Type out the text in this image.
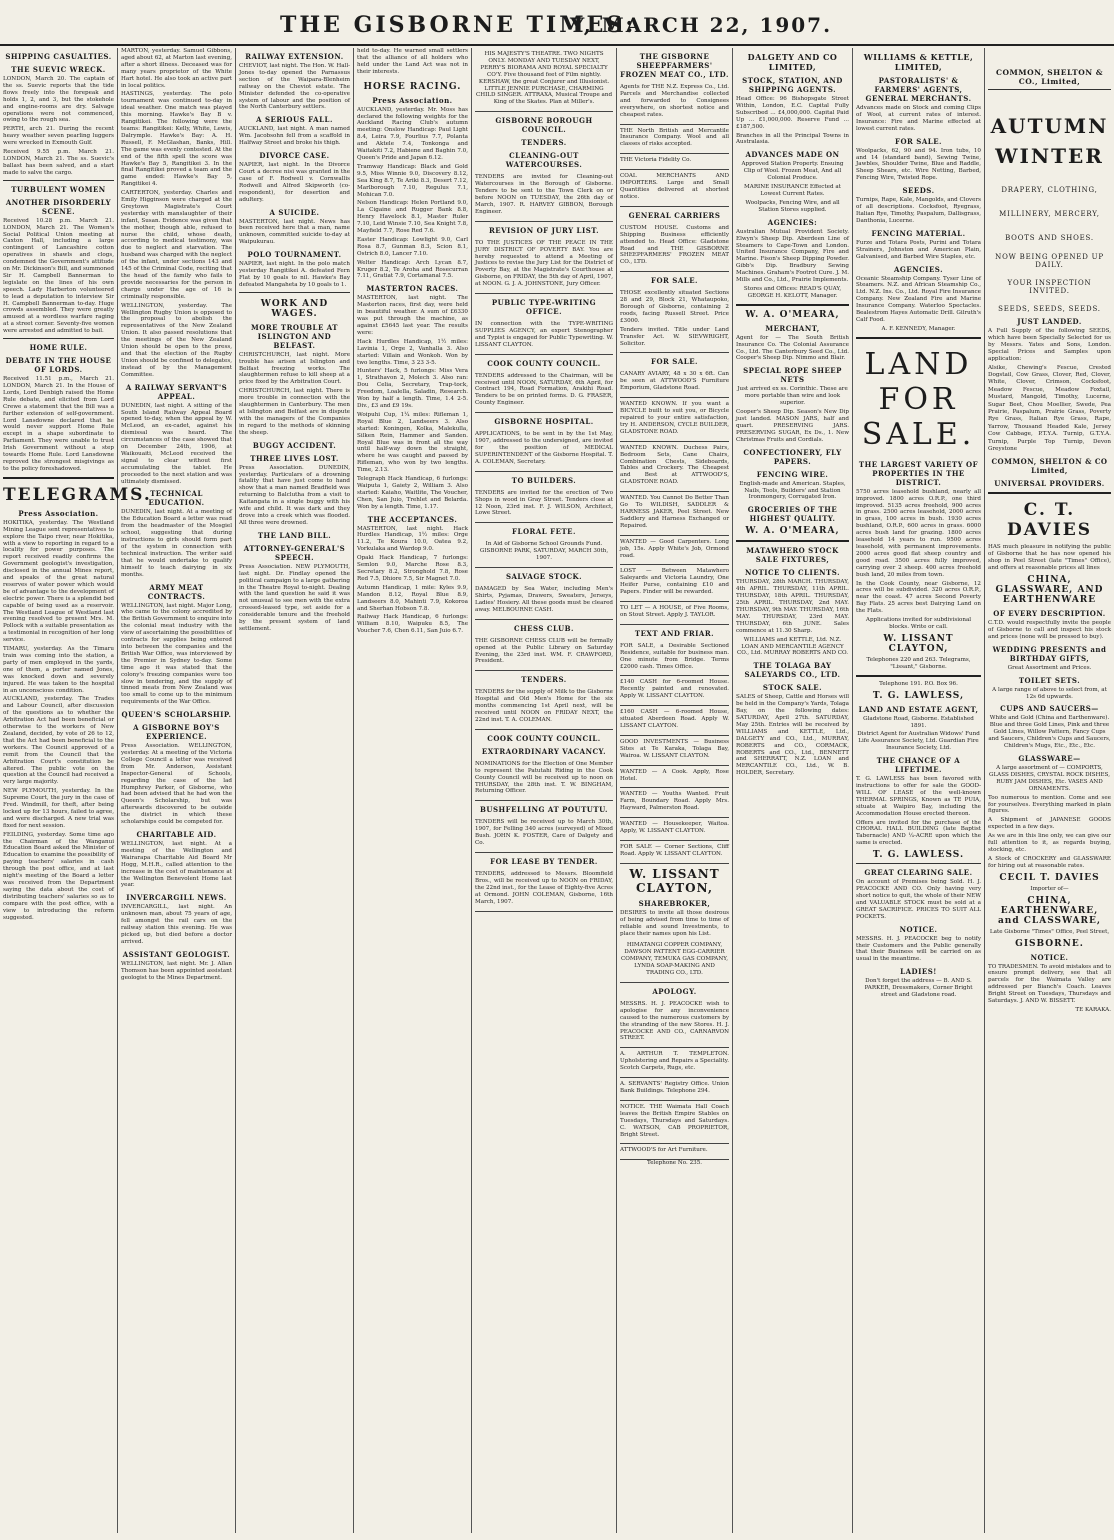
THE GISBORNE TIMES:
Y, MARCH 22, 1907.
SHIPPING CASUALTIES.
THE SUEVIC WRECK.

LONDON, March 20. The captain of the ss. Suevic reports that the tide flows freely into the forepeak and holds 1, 2, and 3, but the stokehole and engine-rooms are dry. Salvage operations were not commenced, owing to the rough sea.

PERTH, arch 21. During the recent heavy weather seven pearling luggers were wrecked in Exmouth Gulf.

Received 9.55 p.m. March 21. LONDON, March 21. The ss. Suevic's ballast has been salved, and a start made to salve the cargo.

TURBULENT WOMEN
ANOTHER DISORDERLY SCENE.

Received 10.28 p.m. March 21. LONDON, March 21. The Women's Social Political Union meeting at Caxton Hall, including a large contingent of Lancashire cotton operatives in shawls and clogs, condemned the Government's attitude on Mr. Dickinson's Bill, and summoned Sir H. Campbell Bannerman to legislate on the lines of his own speech. Lady Harberton volunteered to lead a deputation to interview Sir H. Campbell Bannerman to-day. Huge crowds assembled. They were greatly amused at a wordless warfare raging at a street corner. Seventy-five women were arrested and admitted to bail.

HOME RULE.
DEBATE IN THE HOUSE OF LORDS.

Received 11.51 p.m., March 21. LONDON, March 21. In the House of Lords, Lord Denbigh raised the Home Rule debate, and elicited from Lord Crewe a statement that the Bill was a further extension of self-government. Lord Lansdowne declared that he would never support Home Rule except in a shape subordinate to Parliament. They were unable to trust Irish Government without a step towards Home Rule. Lord Lansdowne reproved the strongest misgivings as to the policy foreshadowed.

TELEGRAMS.
Press Association.

HOKITIKA, yesterday. The Westland Mining League sent representatives to explore the Taipo river, near Hokitika, with a view to reporting in regard to a locality for power purposes. The report received readily confirms the Government geologist's investigation, disclosed in the annual Mines report, and speaks of the great natural reserves of water power which would be of advantage to the development of electric power. There is a splendid bed capable of being used as a reservoir. The Westland League of Westland last evening resolved to present Mrs. M. Pollock with a suitable presentation as a testimonial in recognition of her long service.

TIMARU, yesterday. As the Timaru train was coming into the station, a party of men employed in the yards, one of them, a porter named Jones, was knocked down and severely injured. He was taken to the hospital in an unconscious condition.

AUCKLAND, yesterday. The Trades and Labour Council, after discussion of the questions as to whether the Arbitration Act had been beneficial or otherwise to the workers of New Zealand, decided, by vote of 26 to 12, that the Act had been beneficial to the workers. The Council approved of a remit from the Council that the Arbitration Court's constitution be altered. The public vote on the question at the Council had received a very large majority.

NEW PLYMOUTH, yesterday. In the Supreme Court, the jury in the case of Fred. Windmill, for theft, after being locked up for 13 hours, failed to agree, and were discharged. A new trial was fixed for next session.

FEILDING, yesterday. Some time ago the Chairman of the Wanganui Education Board asked the Minister of Education to examine the possibility of paying teachers' salaries in cash through the post office, and at last night's meeting of the Board a letter was received from the Department saying the data about the cost of distributing teachers' salaries so as to compare with the post office, with a view to introducing the reform suggested.

MARTON, yesterday. Samuel Gibbons, aged about 62, at Marton last evening, after a short illness. Deceased was for many years proprietor of the White Hart hotel. He also took an active part in local politics.

HASTINGS, yesterday. The polo tournament was continued to-day in ideal weather. One match was played this morning. Hawke's Bay B v. Rangitikei. The following were the teams: Rangitikei: Kelly, White, Lewis, Dalrymple. Hawke's Bay: A. H. Russell, F. McGlashan, Banks, Hill. The game was evenly contested. At the end of the fifth spell the score was Hawke's Bay 5, Rangitikei 3. In the final Rangitikei proved a team and the game ended: Hawke's Bay 5, Rangitikei 4.

CARTERTON, yesterday. Charles and Emily Higginson were charged at the Greytown Magistrate's Court yesterday with manslaughter of their infant, Susan. Evidence was given that the mother, though able, refused to nurse the child, whose death, according to medical testimony, was due to neglect and starvation. The husband was charged with the neglect of the infant, under sections 143 and 145 of the Criminal Code, reciting that the head of the family who fails to provide necessaries for the person in charge under the age of 16 is criminally responsible.

WELLINGTON, yesterday. The Wellington Rugby Union is opposed to the proposal to abolish the representatives of the New Zealand Union. It also passed resolutions that the meetings of the New Zealand Union should be open to the press, and that the election of the Rugby Union should be confined to delegates, instead of by the Management Committee.

A RAILWAY SERVANT'S APPEAL.

DUNEDIN, last night. A sitting of the South Island Railway Appeal Board opened to-day, when the appeal by W. McLeod, an ex-cadet, against his dismissal was heard. The circumstances of the case showed that on December 24th, 1906, at Waikouaiti, McLeod received the signal to clear without first accumulating the tablet. He proceeded to the next station and was ultimately dismissed.

TECHNICAL EDUCATION.

DUNEDIN, last night. At a meeting of the Education Board a letter was read from the headmaster of the Mosgiel school, suggesting that during instructions to girls should form part of the system in connection with technical instruction. The writer said that he would undertake to qualify himself to teach dairying in six months.

ARMY MEAT CONTRACTS.

WELLINGTON, last night. Major Long, who came to the colony accredited by the British Government to enquire into the colonial meat industry with the view of ascertaining the possibilities of contracts for supplies being entered into between the companies and the British War Office, was interviewed by the Premier in Sydney to-day. Some time ago it was stated that the colony's freezing companies were too slow in tendering, and the supply of tinned meats from New Zealand was too small to come up to the minimum requirements of the War Office.

QUEEN'S SCHOLARSHIP.
A GISBORNE BOY'S EXPERIENCE.

Press Association. WELLINGTON, yesterday. At a meeting of the Victoria College Council a letter was received from Mr. Anderson, Assistant Inspector-General of Schools, regarding the case of the lad Humphrey Parker, of Gisborne, who had been advised that he had won the Queen's Scholarship, but was afterwards discovered to be outside the district in which these scholarships could be competed for.

CHARITABLE AID.

WELLINGTON, last night. At a meeting of the Wellington and Wairarapa Charitable Aid Board Mr Hogg, M.H.R., called attention to the increase in the cost of maintenance at the Wellington Benevolent Home last year.

INVERCARGILL NEWS.

INVERCARGILL, last night. An unknown man, about 75 years of age, fell amongst the rail cars on the railway station this evening. He was picked up, but died before a doctor arrived.

ASSISTANT GEOLOGIST.

WELLINGTON, last night. Mr. J. Allan Thomson has been appointed assistant geologist to the Mines Department.

RAILWAY EXTENSION.

CHEVIOT, last night. The Hon. W. Hall-Jones to-day opened the Parnassus section of the Waipara-Blenheim railway on the Cheviot estate. The Minister defended the co-operative system of labour and the position of the North Canterbury settlers.

A SERIOUS FALL.

AUCKLAND, last night. A man named Wm. Jacobsohn fell from a scaffold in Halfway Street and broke his thigh.

DIVORCE CASE.

NAPIER, last night. In the Divorce Court a decree nisi was granted in the case of F. Rodwell v. Cornwallis Rodwell and Alfred Skipworth (co-respondent), for desertion and adultery.

A SUICIDE.

MASTERTON, last night. News has been received here that a man, name unknown, committed suicide to-day at Waipukurau.

POLO TOURNAMENT.

NAPIER, last night. In the polo match yesterday Rangitikei A. defeated Fern Flat by 10 goals to nil. Hawke's Bay defeated Mangaheta by 10 goals to 1.

WORK AND WAGES.
MORE TROUBLE AT ISLINGTON AND BELFAST.

CHRISTCHURCH, last night. More trouble has arisen at Islington and Belfast freezing works. The slaughtermen refuse to kill sheep at a price fixed by the Arbitration Court.

CHRISTCHURCH, last night. There is more trouble in connection with the slaughtermen in Canterbury. The men at Islington and Belfast are in dispute with the managers of the Companies in regard to the methods of skinning the sheep.

BUGGY ACCIDENT.
THREE LIVES LOST.

Press Association. DUNEDIN, yesterday. Particulars of a drowning fatality that have just come to hand show that a man named Bradfield was returning to Balclutha from a visit to Kaitangata in a single buggy with his wife and child. It was dark and they drove into a creek which was flooded. All three were drowned.

THE LAND BILL.
ATTORNEY-GENERAL'S SPEECH.

Press Association. NEW PLYMOUTH, last night. Dr. Findlay opened the political campaign to a large gathering in the Theatre Royal to-night. Dealing with the land question he said it was not unusual to see men with the extra crossed-leased type, set aside for a considerable tenure and the freehold by the present system of land settlement.

held to-day. He warned small settlers that the alliance of all holders who held under the Land Act was not in their interests.

HORSE RACING.
Press Association.

AUCKLAND, yesterday. Mr. Moss has declared the following weights for the Auckland Racing Club's autumn meeting: Onslow Handicap: Paul Light 8.4, Leira 7.9, Fourlius 7.7, Polanta and Aktele 7.4, Tonkonga and Waitakiti 7.2, Habiene and Baghin 7.0, Queen's Pride and Japan 6.12.

Tramway Handicap: Black and Gold 9.5, Miss Winnie 9.0, Discovery 8.12, Sea King 8.7, Te Ariki 8.3, Desert 7.12, Marlborough 7.10, Regulus 7.1, Mohican 7.0.

Nelson Handicap: Helen Portland 9.0, La Cigaine and Rugger Bank 8.8, Henry Havelock 8.1, Master Ruler 7.10, Leid Winsie 7.10, Sea Knight 7.8, Mayfield 7.7, Rose Red 7.6.

Easter Handicap: Lowlight 9.0, Carl Rosa 8.7, Gunman 8.3, Scion 8.1, Ostrich 8.0, Lancer 7.10.

Welter Handicap: Arch Lycan 8.7, Kruger 8.2, Te Aroha and Rosecurran 7.11, Gratiat 7.9, Cortamanal 7.5.

MASTERTON RACES.

MASTERTON, last night. The Masterton races, first day, were held in beautiful weather. A sum of £6330 was put through the machine, as against £5645 last year. The results were:

Hack Hurdles Handicap, 1½ miles: Lavinia 1, Orge 2, Vanhalla 3. Also started: Villain and Wonkoh. Won by two lengths. Time, 3 23 3-5.

Hunters' Hack, 5 furlongs: Miss Vera 1, Strathavon 2, Molech 3. Also ran: Dou Celia, Secretary, Trap-tock, Freedom, Loalella, Saladin, Research. Won by half a length. Time, 1.4 2-5. Div., £3 and £9 19s.

Woipuhi Cup, 1¼ miles: Rifleman 1, Royal Blue 2, Landseers 3. Also started: Koningen, Kolka, Malekulla, Silken Rein, Hammer and Sanden. Royal Blue was in front all the way until half-way down the straight, where he was caught and passed by Rifleman, who won by two lengths. Time, 2.13.

Telegraph Hack Handicap, 6 furlongs: Waiputa 1, Gaiety 2, William 3. Also started: Kaiaho, Waitlite, The Voucher, Chen, San Juio, Trehlet and Belarda. Won by a length. Time, 1.17.

THE ACCEPTANCES.

MASTERTON, last night. Hack Hurdles Handicap, 1½ miles: Orge 11.2, Te Koura 10.0, Oatea 9.2, Vorkulaka and Wardop 9.0.

Opaki Hack Handicap, 7 furlongs: Semlon 9.0, Marche Rose 8.3, Secretary 8.2, Stronghold 7.8, Rose Red 7.5, Dhiore 7.5, Sir Magnet 7.0.

Autumn Handicap, 1 mile: Kyles 9.9, Mandon 8.12, Royal Blue 8.9, Landseers 8.0, Mahinti 7.9, Kokoroa and Sherhan Hobson 7.8.

Railway Hack Handicap, 6 furlongs: William 8.10, Waipuku 8.5, The Voucher 7.6, Chen 6.11, San Juio 6.7.

HIS MAJESTY'S THEATRE. TWO NIGHTS ONLY. MONDAY AND TUESDAY NEXT, PERRY'S BIORAMA AND ROYAL SPECIALTY CO'Y. Five thousand feet of Film nightly. KERSHAW, the great Conjurer and Illusionist. LITTLE JENNIE PURCHASE, CHARMING CHILD SINGER. ATTRAXA, Musical Troupe and King of the Skates. Plan at Miller's.

GISBORNE BOROUGH COUNCIL.
TENDERS.
CLEANING-OUT WATERCOURSES.

TENDERS are invited for Cleaning-out Watercourses in the Borough of Gisborne. Tenders to be sent to the Town Clerk on or before NOON on TUESDAY, the 26th day of March, 1907. R. HARVEY GIBBON, Borough Engineer.

REVISION OF JURY LIST.

TO THE JUSTICES OF THE PEACE IN THE JURY DISTRICT OF POVERTY BAY. You are hereby requested to attend a Meeting of Justices to revise the Jury List for the District of Poverty Bay, at the Magistrate's Courthouse at Gisborne, on FRIDAY, the 5th day of April, 1907, at NOON. G. J. A. JOHNSTONE, Jury Officer.

PUBLIC TYPE-WRITING OFFICE.

IN connection with the TYPE-WRITING SUPPLIES AGENCY, an expert Stenographer and Typist is engaged for Public Typewriting. W. LISSANT CLAYTON.

COOK COUNTY COUNCIL.

TENDERS addressed to the Chairman, will be received until NOON, SATURDAY, 6th April, for Contract 194, Road Formation, Arakihi Road. Tenders to be on printed forms. D. G. FRASER, County Engineer.

GISBORNE HOSPITAL.

APPLICATIONS, to be sent in by the 1st May, 1907, addressed to the undersigned, are invited for the position of MEDICAL SUPERINTENDENT of the Gisborne Hospital. T. A. COLEMAN, Secretary.

TO BUILDERS.

TENDERS are invited for the erection of Two Shops in wood in Gray Street. Tenders close at 12 Noon, 23rd inst. F. J. WILSON, Architect, Lowe Street.

FLORAL FETE.

In Aid of Gisborne School Grounds Fund. GISBORNE PARK, SATURDAY, MARCH 30th, 1907.

SALVAGE STOCK.

DAMAGED by Sea Water, including Men's Shirts, Pyjamas, Drawers, Sweaters, Jerseys, Ladies' Hosiery. All these goods must be cleared away. MELBOURNE CASH.

CHESS CLUB.

THE GISBORNE CHESS CLUB will be formally opened at the Public Library on Saturday Evening, the 23rd inst. WM. F. CRAWFORD, President.

TENDERS.

TENDERS for the supply of Milk to the Gisborne Hospital and Old Men's Home for the six months commencing 1st April next, will be received until NOON on FRIDAY NEXT, the 22nd inst. T. A. COLEMAN.

COOK COUNTY COUNCIL.
EXTRAORDINARY VACANCY.

NOMINATIONS for the Election of One Member to represent the Patutahi Riding in the Cook County Council will be received up to noon on THURSDAY, the 28th inst. T. W. BINGHAM, Returning Officer.

BUSHFELLING AT POUTUTU.

TENDERS will be received up to March 30th, 1907, for Felling 340 acres (surveyed) of Mixed Bush. JOHN K. FOSTER, Care of Dalgety and Co.

FOR LEASE BY TENDER.

TENDERS, addressed to Messrs. Bloomfield Bros., will be received up to NOON on FRIDAY, the 22nd inst., for the Lease of Eighty-five Acres at Ormond. JOHN COLEMAN, Gisborne, 16th March, 1907.

THE GISBORNE SHEEPFARMERS' FROZEN MEAT CO., LTD.

Agents for THE N.Z. Express Co., Ltd. Parcels and Merchandise collected and forwarded to Consignees everywhere, on shortest notice and cheapest rates.

THE North British and Mercantile Insurance Company. Wool and all classes of risks accepted.

THE Victoria Fidelity Co.

COAL MERCHANTS AND IMPORTERS. Large and Small Quantities delivered at shortest notice.

GENERAL CARRIERS

CUSTOM HOUSE. Customs and Shipping Business efficiently attended to. Head Office: Gladstone Road and THE GISBORNE SHEEPFARMERS' FROZEN MEAT CO., LTD.

FOR SALE.

THOSE excellently situated Sections 28 and 29, Block 21, Whataupoko, Borough of Gisborne, containing 2 roods, facing Russell Street. Price £3000.

Tenders invited. Title under Land Transfer Act. W. SIEVWRIGHT, Solicitor.

FOR SALE.

CANARY AVIARY, 48 x 30 x 6ft. Can be seen at ATTWOOD'S Furniture Emporium, Gladstone Road.

WANTED KNOWN. If you want a BICYCLE built to suit you, or Bicycle repaired to your entire satisfaction, try H. ANDERSON, CYCLE BUILDER, GLADSTONE ROAD.

WANTED KNOWN. Duchess Pairs, Bedroom Sets, Cane Chairs, Combination Chests, Sideboards, Tables and Crockery. The Cheapest and Best at ATTWOOD'S, GLADSTONE ROAD.

WANTED. You Cannot Do Better Than Go To WILDISH, SADDLER & HARNESS JAKER, Peel Street. New Saddlery and Harness Exchanged or Repaired.

WANTED — Good Carpenters. Long job, 15s. Apply White's Job, Ormond road.

LOST — Between Matawhero Saleyards and Victoria Laundry, One Heifer Purse, containing £10 and Papers. Finder will be rewarded.

TO LET — A HOUSE, of Five Rooms, on Stout Street. Apply J. TAYLOR.

TEXT AND FRIAR.

FOR SALE, a Desirable Sectioned Residence, suitable for business man. One minute from Bridge. Terms £2000 cash. Times Office.

£140 CASH for 6-roomed House. Recently painted and renovated. Apply W. LISSANT CLAYTON.

£160 CASH — 6-roomed House, situated Aberdeen Road. Apply W. LISSANT CLAYTON.

GOOD INVESTMENTS — Business Sites at Te Karaka, Tolaga Bay, Wairoa. W. LISSANT CLAYTON.

WANTED — A Cook. Apply, Rose Hotel.

WANTED — Youths Wanted. Fruit Farm, Boundary Road. Apply Mrs. Hayward, Palmerston Road.

WANTED — Housekeeper, Waitoa. Apply, W. LISSANT CLAYTON.

FOR SALE — Corner Sections, Cliff Road. Apply W. LISSANT CLAYTON.

W. LISSANT CLAYTON,
SHAREBROKER,

DESIRES to invite all those desirous of being advised from time to time of reliable and sound Investments, to place their names upon his List.

HIMATANGI COPPER COMPANY, DAWSON PATTENT EGG-CARRIER COMPANY, TEMUKA GAS COMPANY, LYNDA SOAP-MAKING AND TRADING CO., LTD.

APOLOGY.

MESSRS. H. J. PEACOCKE wish to apologise for any inconvenience caused to the numerous customers by the stranding of the new Stores. H. J. PEACOCKE AND CO., CARNARVON STREET.

A. ARTHUR T. TEMPLETON. Upholstering and Repairs a Speciality. Scotch Carpets, Rugs, etc.

A. SERVANTS' Registry Office. Union Bank Buildings. Telephone 294.

NOTICE. THE Waimata Hall Coach leaves the British Empire Stables on Tuesdays, Thursdays and Saturdays. C. WATSON, CAB PROPRIETOR, Bright Street.

ATTWOOD'S for Art Furniture.

Telephone No. 235.

DALGETY AND CO LIMITED,
STOCK, STATION, AND SHIPPING AGENTS.

Head Office: 96 Bishopsgate Street Within, London, E.C. Capital Fully Subscribed ... £4,000,000. Capital Paid Up ... £1,000,000. Reserve Fund ... £187,500.

Branches in all the Principal Towns in Australasia.

ADVANCES MADE ON

Approved Station Property. Ensuing Clip of Wool. Frozen Meat, And all Colonial Produce.

MARINE INSURANCE Effected at Lowest Current Rates.

Woolpacks, Fencing Wire, and all Station Stores supplied.

AGENCIES:

Australian Mutual Provident Society. Elwyn's Sheep Dip. Aberdeen Line of Steamers to Cape-Town and London. United Insurance Company, Fire and Marine. Fison's Sheep Dipping Powder. Gibb's Dip. Bradbury Sewing Machines. Graham's Footrot Cure. J. M. Mills and Co., Ltd., Prairie Implements.

Stores and Offices: READ'S QUAY, GEORGE H. KELOTT, Manager.

W. A. O'MEARA,
MERCHANT,

Agent for — The South British Insurance Co. The Colonial Assurance Co., Ltd. The Canterbury Seed Co., Ltd. Cooper's Sheep Dip. Nimmo and Blair.

SPECIAL ROPE SHEEP NETS

Just arrived ex ss. Corinthic. These are more portable than wire and look superior.

Cooper's Sheep Dip. Season's New Dip just landed. MASON JARS, half and quart. PRESERVING JARS. PRESERVING SUGAR, Ex Ds., 1. New Christmas Fruits and Cordials.

CONFECTIONERY, FLY PAPERS.
FENCING WIRE.

English-made and American. Staples, Nails, Tools, Builders' and Station Ironmongery, Corrugated Iron.

GROCERIES OF THE HIGHEST QUALITY.
W. A. O'MEARA,
MATAWHERO STOCK SALE FIXTURES,
NOTICE TO CLIENTS.

THURSDAY, 28th MARCH. THURSDAY, 4th APRIL. THURSDAY, 11th APRIL. THURSDAY, 18th APRIL. THURSDAY, 25th APRIL. THURSDAY, 2nd MAY. THURSDAY, 9th MAY. THURSDAY, 16th MAY. THURSDAY, 23rd MAY. THURSDAY, 6th JUNE. Sales commence at 11.30 Sharp.

WILLIAMS and KETTLE, Ltd. N.Z. LOAN AND MERCANTILE AGENCY CO., Ltd. MURRAY ROBERTS AND CO.

THE TOLAGA BAY SALEYARDS CO., LTD.
STOCK SALE.

SALES of Sheep, Cattle and Horses will be held in the Company's Yards, Tolaga Bay, on the following dates: SATURDAY, April 27th. SATURDAY, May 25th. Entries will be received by WILLIAMS and KETTLE, Ltd., DALGETY and CO., Ltd., MURRAY, ROBERTS and CO., CORMACK, ROBERTS and CO., Ltd., BENNETT and SHERRATT, N.Z. LOAN and MERCANTILE CO., Ltd., W. B. HOLDER, Secretary.

WILLIAMS & KETTLE, LIMITED,
PASTORALISTS' & FARMERS' AGENTS, GENERAL MERCHANTS.

Advances made on Stock and coming Clips of Wool, at current rates of interest. Insurance: Fire and Marine effected at lowest current rates.

FOR SALE.

Woolpacks, 62, 90 and 94. Iron tubs, 10 and 14 (standard band), Sewing Twine, Jawbles, Shoulder Twine, Blue and Raddle, Sheep Shears, etc. Wire Netting, Barbed, Fencing Wire, Twisted Rope.

SEEDS.

Turnips, Rape, Kale, Mangolds, and Clovers of all descriptions. Cocksfoot, Ryegrass, Italian Rye, Timothy, Paspalum, Dallisgrass, Danthonia, Lucerne.

FENCING MATERIAL.

Furze and Totara Posts, Purini and Totara Strainers, Johnston and American Plain, Galvanised, and Barbed Wire Staples, etc.

AGENCIES.

Oceanic Steamship Company. Tyser Line of Steamers. N.Z. and African Steamship Co., Ltd. N.Z. Ins. Co., Ltd. Royal Fire Insurance Company. New Zealand Fire and Marine Insurance Company. Waterloo Spectacles. Bealestrom Hayes Automatic Drill. Gilruth's Calf Food.

A. F. KENNEDY, Manager.

LAND FOR SALE.
THE LARGEST VARIETY OF PROPERTIES IN THE DISTRICT.

5750 acres leasehold bushland, nearly all improved. 1800 acres O.R.P., one third improved. 5135 acres freehold, 900 acres in grass. 2500 acres leasehold, 2000 acres in grass, 100 acres in bush. 1930 acres bushland, O.R.P., 600 acres in grass. 6000 acres bush land for grazing. 1800 acres leasehold 14 years to run. 9500 acres leasehold, with permanent improvements. 2000 acres good flat sheep country and good road. 3500 acres fully improved, carrying over 2 sheep. 400 acres freehold bush land, 20 miles from town.

In the Cook County, near Gisborne, 12 acres will be subdivided. 320 acres O.R.P., near the coast. 47 acres Second Poverty Bay Flats. 25 acres best Dairying Land on the Flats.

Applications invited for subdivisional blocks. Write or call.

W. LISSANT CLAYTON,

Telephones 220 and 263. Telegrams, "Lissant," Gisborne.

Telephone 191. P.O. Box 96.

T. G. LAWLESS,
LAND AND ESTATE AGENT,

Gladstone Road, Gisborne. Established 1891.

District Agent for Australian Widows' Fund Life Assurance Society, Ltd. Guardian Fire Insurance Society, Ltd.

THE CHANCE OF A LIFETIME.

T. G. LAWLESS has been favored with instructions to offer for sale the GOOD-WILL OF LEASE of the well-known THERMAL SPRINGS, Known as TE PUIA, situate at Waipiro Bay, including the Accommodation House erected thereon.

Offers are invited for the purchase of the CHORAL HALL BUILDING (late Baptist Tabernacle) AND ¼-ACRE upon which the same is erected.

T. G. LAWLESS.
GREAT CLEARING SALE.

On account of Premises being Sold. H. J. PEACOCKE AND CO. Only having very short notice to quit, the whole of their NEW and VALUABLE STOCK must be sold at a GREAT SACRIFICE. PRICES TO SUIT ALL POCKETS.

NOTICE.

MESSRS. H. J. PEACOCKE beg to notify their Customers and the Public generally that their Business will be carried on as usual in the meantime.

LADIES!

Don't forget the address — B. AND S. PARKER, Dressmakers, Corner Bright street and Gladstone road.

COMMON, SHELTON & CO., Limited,
AUTUMN
WINTER

DRAPERY, CLOTHING, MILLINERY, MERCERY, BOOTS AND SHOES.

NOW BEING OPENED UP DAILY.
YOUR INSPECTION INVITED.
SEEDS, SEEDS, SEEDS.
JUST LANDED.

A Full Supply of the following SEEDS, which have been Specially Selected for us by Messrs. Yates and Sons, London. Special Prices and Samples upon application:

Alsike, Chewing's Fescue, Crested Dogstail, Cow Grass, Clover, Red, Clover, White, Clover, Crimson, Cocksfoot, Meadow Fescue, Meadow Foxtail, Mustard, Mangold, Timothy, Lucerne, Sugar Beet, Chou Moellier, Swede, Pea Prairie, Paspalum, Prairie Grass, Poverty Rye Grass, Italian Rye Grass, Rape, Yarrow, Thousand Headed Kale, Jersey Cow Cabbage, P.T.Y.A. Turnip, G.T.Y.A. Turnip, Purple Top Turnip, Devon Greystone

COMMON, SHELTON & CO Limited,
UNIVERSAL PROVIDERS.
C. T. DAVIES

HAS much pleasure in notifying the public of Gisborne that he has now opened his shop in Peel Street (late "Times" Office), and offers at reasonable prices all lines

CHINA, GLASSWARE, AND EARTHENWARE
OF EVERY DESCRIPTION.

C.T.D. would respectfully invite the people of Gisborne to call and inspect his stock and prices (none will be pressed to buy).

WEDDING PRESENTS and BIRTHDAY GIFTS,

Great Assortment and Prices.

TOILET SETS.

A large range of above to select from, at 12s 6d upwards.

CUPS AND SAUCERS—

White and Gold (China and Earthenware). Blue and three Gold Lines, Pink and three Gold Lines, Willow Pattern, Fancy Cups and Saucers, Children's Cups and Saucers, Children's Mugs, Etc., Etc., Etc.

GLASSWARE—

A large assortment of — COMPORTS, GLASS DISHES, CRYSTAL ROCK DISHES, RUBY JAM DISHES, Etc. VASES AND ORNAMENTS.

Too numerous to mention. Come and see for yourselves. Everything marked in plain figures.

A Shipment of JAPANESE GOODS expected in a few days.

As we are in this line only, we can give our full attention to it, as regards buying, stocking, etc.

A Stock of CROCKERY and GLASSWARE for hiring out at reasonable rates.

CECIL T. DAVIES

Importer of—

CHINA, EARTHENWARE, and CLASSWARE,

Late Gisborne "Times" Office, Peel Street,

GISBORNE.
NOTICE.

TO TRADESMEN. To avoid mistakes and to ensure prompt delivery, see that all parcels for the Waimata Valley are addressed per Bianch's Coach. Leaves Bright Street on Tuesdays, Thursdays and Saturdays. J. AND W. BISSETT.

TE KARAKA.
